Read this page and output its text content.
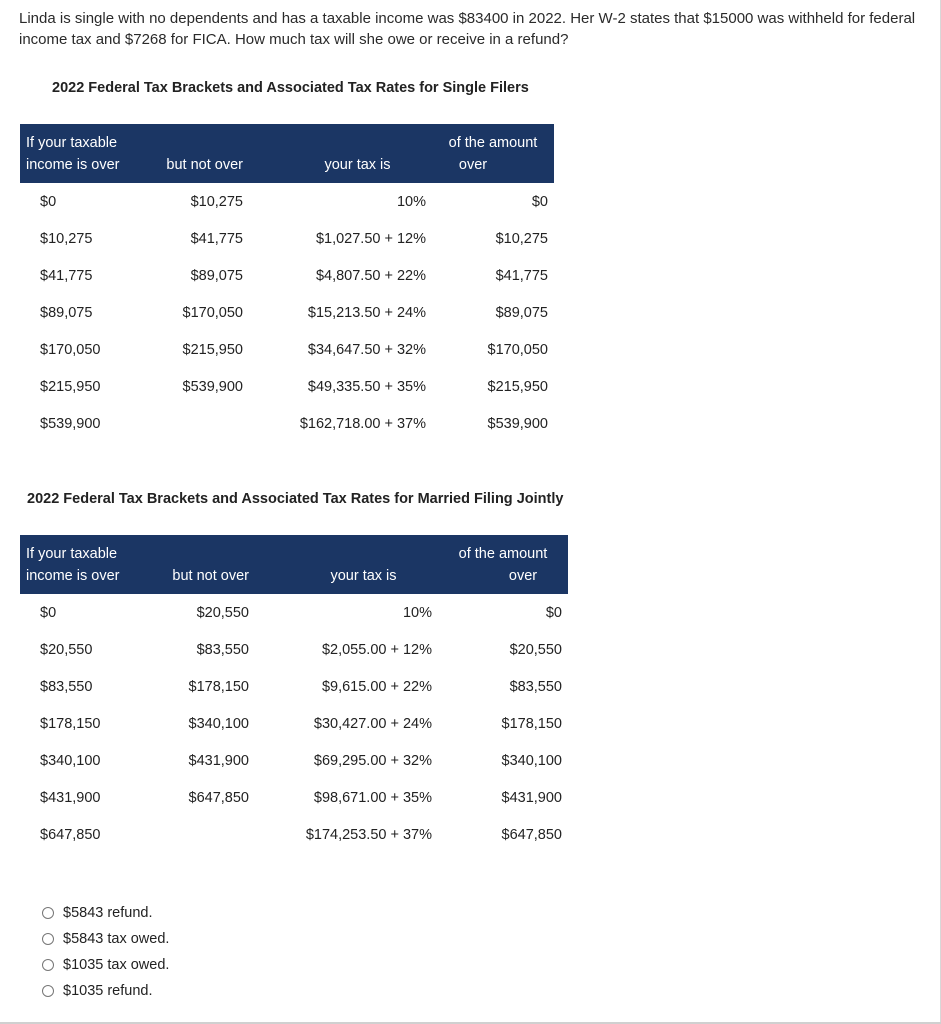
Linda is single with no dependents and has a taxable income was $83400 in 2022. Her W-2 states that $15000 was withheld for federal income tax and $7268 for FICA. How much tax will she owe or receive in a refund?
2022 Federal Tax Brackets and Associated Tax Rates for Single Filers
If your taxable
income is over	but not over	your tax is	of the amount
over
$0	$10,275	10%	$0
$10,275	$41,775	$1,027.50 + 12%	$10,275
$41,775	$89,075	$4,807.50 + 22%	$41,775
$89,075	$170,050	$15,213.50 + 24%	$89,075
$170,050	$215,950	$34,647.50 + 32%	$170,050
$215,950	$539,900	$49,335.50 + 35%	$215,950
$539,900		$162,718.00 + 37%	$539,900
2022 Federal Tax Brackets and Associated Tax Rates for Married Filing Jointly
If your taxable
income is over	but not over	your tax is	of the amount
over
$0	$20,550	10%	$0
$20,550	$83,550	$2,055.00 + 12%	$20,550
$83,550	$178,150	$9,615.00 + 22%	$83,550
$178,150	$340,100	$30,427.00 + 24%	$178,150
$340,100	$431,900	$69,295.00 + 32%	$340,100
$431,900	$647,850	$98,671.00 + 35%	$431,900
$647,850		$174,253.50 + 37%	$647,850
$5843 refund.
$5843 tax owed.
$1035 tax owed.
$1035 refund.
